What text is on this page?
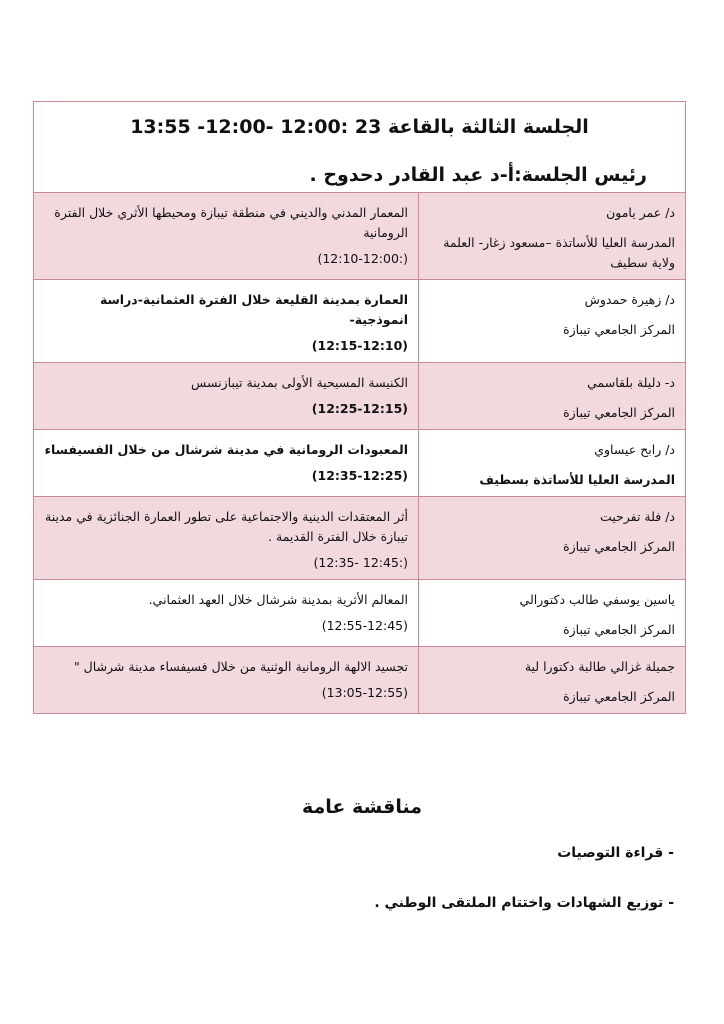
الجلسة الثالثة بالقاعة 23 :12:00 -12:00- 13:55
رئيس الجلسة:أ-د عبد القادر دحدوح .
د/ عمر يامون
المدرسة العليا للأساتذة –مسعود زغار- العلمة ولاية سطيف
المعمار المدني والديني في منطقة تيبازة ومحيطها الأثري خلال الفترة الرومانية
(12:10-12:00:)
د/ زهيرة حمدوش
المركز الجامعي تيبازة
العمارة بمدينة القليعة خلال الفترة العثمانية-دراسة انموذجية-
(12:15-12:10)
د- دليلة بلقاسمي
المركز الجامعي تيبازة
الكنيسة المسيحية الأولى بمدينة تيبازنسس
(12:25-12:15)
د/ رابح عيساوي
المدرسة العليا للأساتذة بسطيف
المعبودات الرومانية في مدينة شرشال من خلال الفسيفساء
(12:35-12:25)
د/ فلة تفرحيت
المركز الجامعي تيبازة
أثر المعتقدات الدينية والاجتماعية على تطور العمارة الجنائزية في مدينة تيبازة خلال الفترة القديمة .
(12:35- 12:45:)
ياسين يوسفي طالب دكتورالي
المركز الجامعي تيبازة
المعالم الأثرية بمدينة شرشال خلال العهد العثماني.
(12:55-12:45)
جميلة غزالي طالبة دكتورا لية
المركز الجامعي تيبازة
تجسيد الالهة الرومانية الوثنية من خلال فسيفساء مدينة شرشال "
(13:05-12:55)
مناقشة عامة
- قراءة التوصيات
- توزيع الشهادات واختتام الملتقى الوطني .
